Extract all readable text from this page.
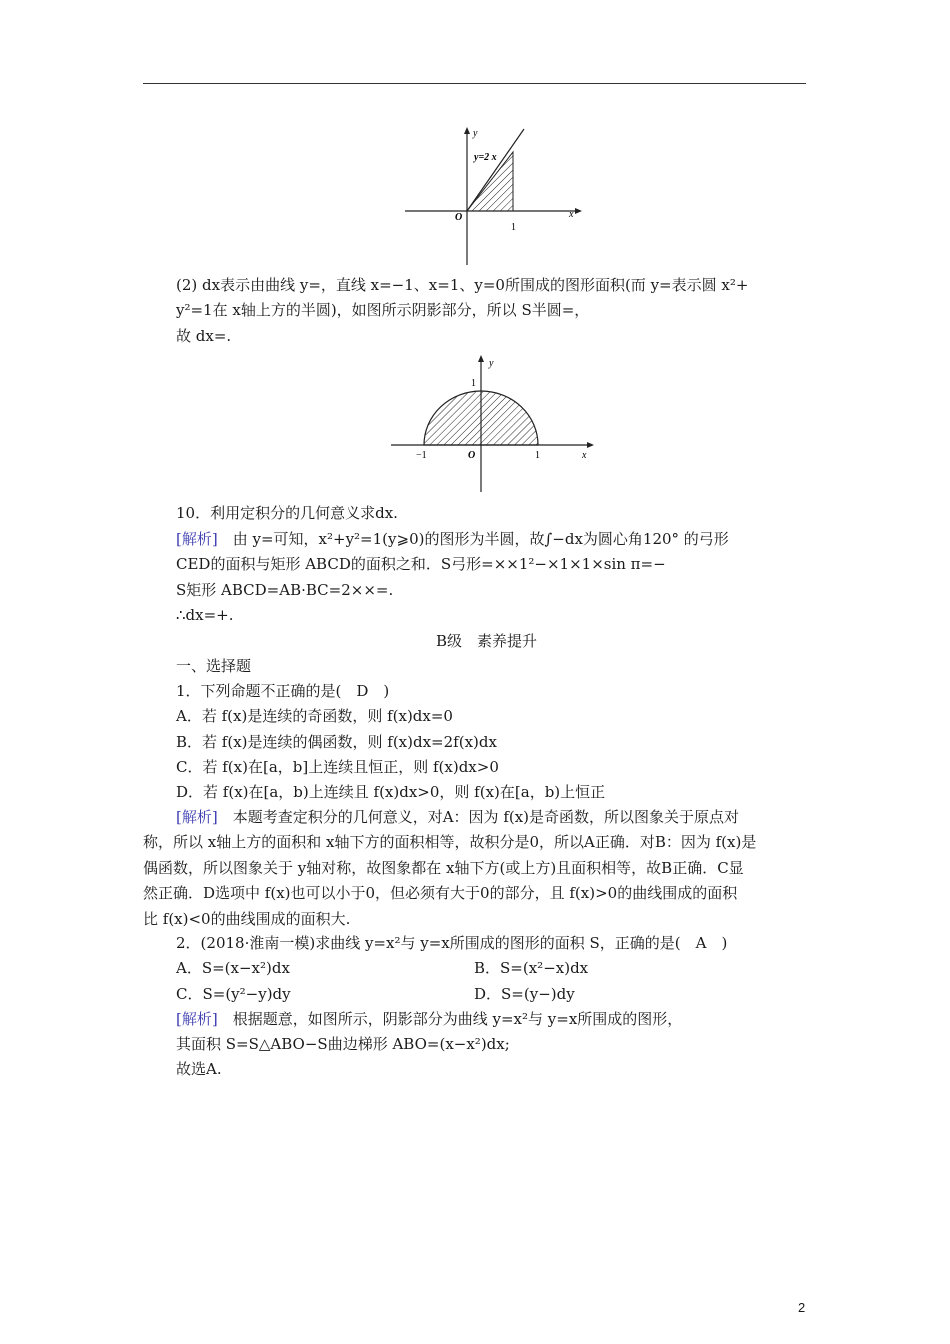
y
y=2 x
O	x
1
y
1
−1	O	1	x
(2) dx表示由曲线 y=，直线 x=−1、x=1、y=0所围成的图形面积(而 y=表示圆 x²+
y²=1在 x轴上方的半圆)，如图所示阴影部分，所以 S半圆=，
故 dx=.
10．利用定积分的几何意义求dx.
[解析]　由 y=可知，x²+y²=1(y⩾0)的图形为半圆，故∫−dx为圆心角120° 的弓形
CED的面积与矩形 ABCD的面积之和．S弓形=××1²−×1×1×sin π=−
S矩形 ABCD=AB·BC=2××=.
∴dx=+.
B级　素养提升
一、选择题
1．下列命题不正确的是(　D　)
A．若 f(x)是连续的奇函数，则 f(x)dx=0
B．若 f(x)是连续的偶函数，则 f(x)dx=2f(x)dx
C．若 f(x)在[a，b]上连续且恒正，则 f(x)dx>0
D．若 f(x)在[a，b)上连续且 f(x)dx>0，则 f(x)在[a，b)上恒正
[解析]　本题考查定积分的几何意义，对A：因为 f(x)是奇函数，所以图象关于原点对
称，所以 x轴上方的面积和 x轴下方的面积相等，故积分是0，所以A正确．对B：因为 f(x)是
偶函数，所以图象关于 y轴对称，故图象都在 x轴下方(或上方)且面积相等，故B正确．C显
然正确．D选项中 f(x)也可以小于0，但必须有大于0的部分，且 f(x)>0的曲线围成的面积
比 f(x)<0的曲线围成的面积大.
2．(2018·淮南一模)求曲线 y=x²与 y=x所围成的图形的面积 S，正确的是(　A　)
A．S=(x−x²)dx	B．S=(x²−x)dx
C．S=(y²−y)dy	D．S=(y−)dy
[解析]　根据题意，如图所示，阴影部分为曲线 y=x²与 y=x所围成的图形，
其面积 S=S△ABO−S曲边梯形 ABO=(x−x²)dx;
故选A.
2
